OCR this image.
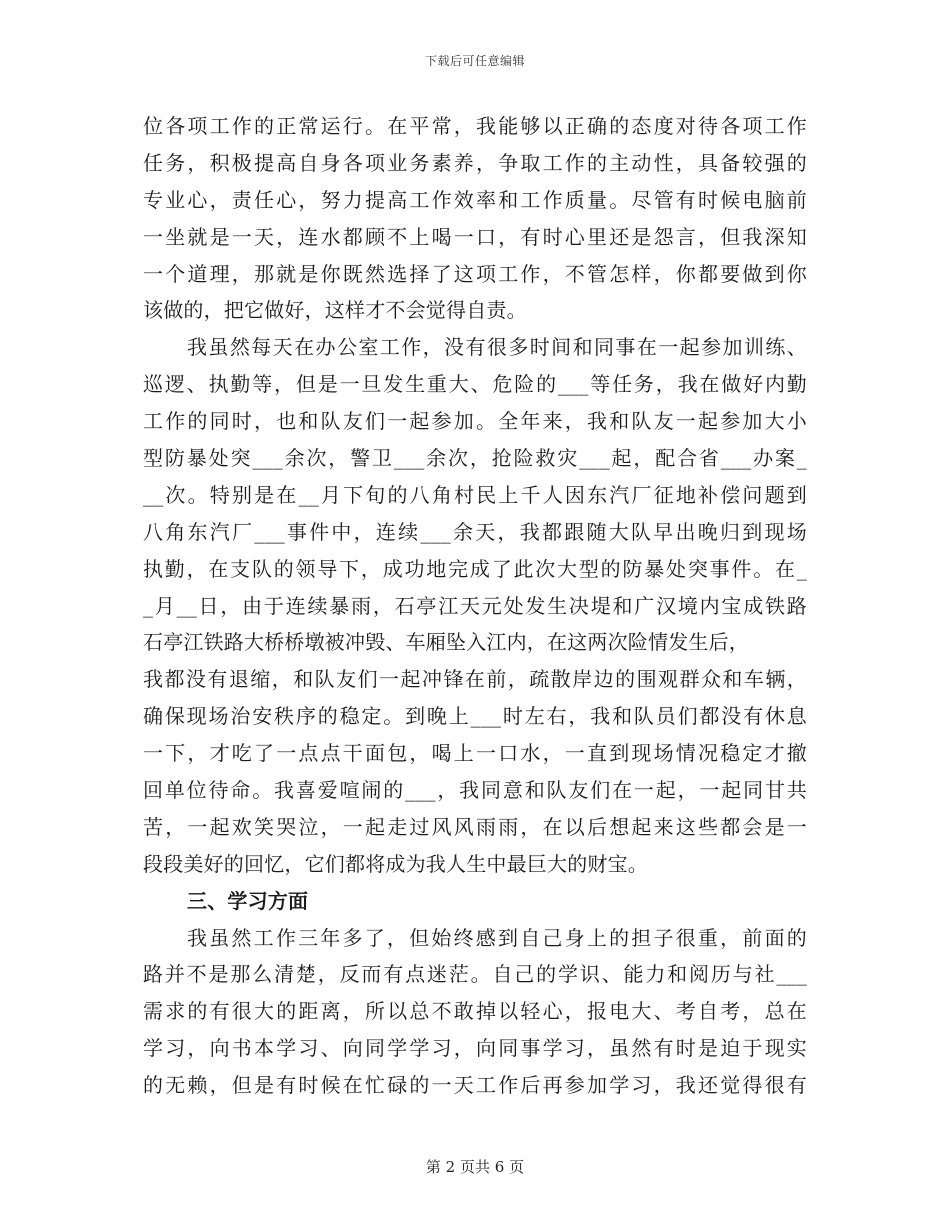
下载后可任意编辑
位各项工作的正常运行。在平常，我能够以正确的态度对待各项工作
任务，积极提高自身各项业务素养，争取工作的主动性，具备较强的
专业心，责任心，努力提高工作效率和工作质量。尽管有时候电脑前
一坐就是一天，连水都顾不上喝一口，有时心里还是怨言，但我深知
一个道理，那就是你既然选择了这项工作，不管怎样，你都要做到你
该做的，把它做好，这样才不会觉得自责。
我虽然每天在办公室工作，没有很多时间和同事在一起参加训练、
巡逻、执勤等，但是一旦发生重大、危险的___等任务，我在做好内勤
工作的同时，也和队友们一起参加。全年来，我和队友一起参加大小
型防暴处突___余次，警卫___余次，抢险救灾___起，配合省___办案_
__次。特别是在__月下旬的八角村民上千人因东汽厂征地补偿问题到
八角东汽厂___事件中，连续___余天，我都跟随大队早出晚归到现场
执勤，在支队的领导下，成功地完成了此次大型的防暴处突事件。在_
_月__日，由于连续暴雨，石亭江天元处发生决堤和广汉境内宝成铁路
石亭江铁路大桥桥墩被冲毁、车厢坠入江内，在这两次险情发生后，
我都没有退缩，和队友们一起冲锋在前，疏散岸边的围观群众和车辆，
确保现场治安秩序的稳定。到晚上___时左右，我和队员们都没有休息
一下，才吃了一点点干面包，喝上一口水，一直到现场情况稳定才撤
回单位待命。我喜爱喧闹的___，我同意和队友们在一起，一起同甘共
苦，一起欢笑哭泣，一起走过风风雨雨，在以后想起来这些都会是一
段段美好的回忆，它们都将成为我人生中最巨大的财宝。
三、学习方面
我虽然工作三年多了，但始终感到自己身上的担子很重，前面的
路并不是那么清楚，反而有点迷茫。自己的学识、能力和阅历与社___
需求的有很大的距离，所以总不敢掉以轻心，报电大、考自考，总在
学习，向书本学习、向同学学习，向同事学习，虽然有时是迫于现实
的无赖，但是有时候在忙碌的一天工作后再参加学习，我还觉得很有
第 2 页共 6 页
